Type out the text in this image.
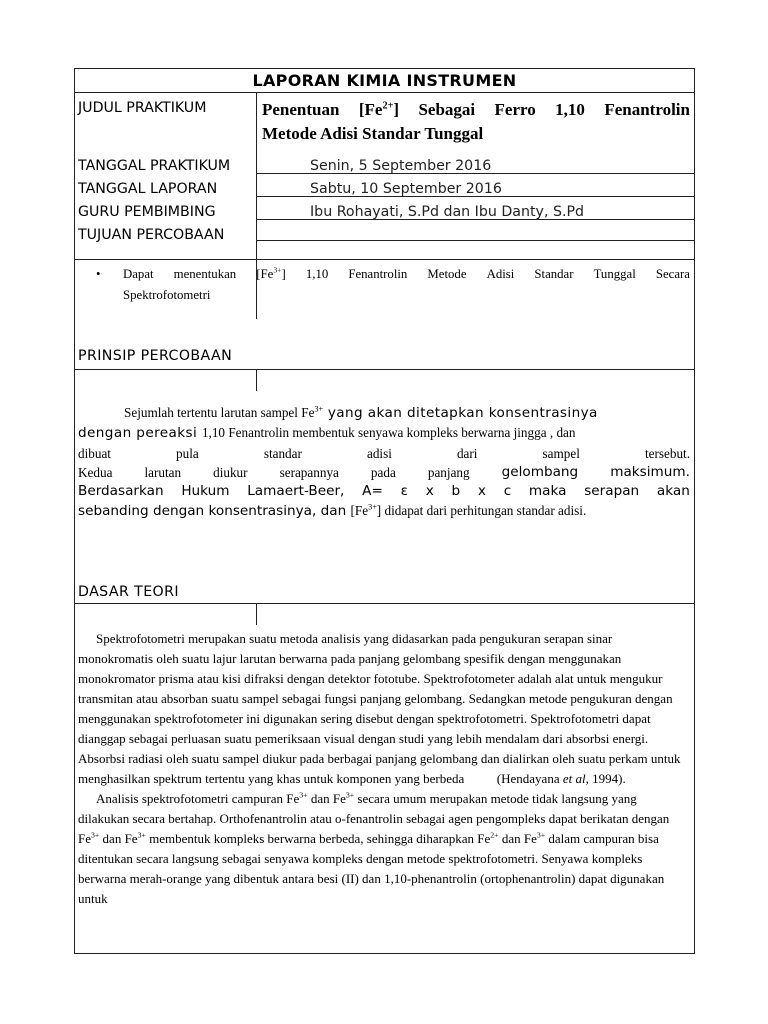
LAPORAN KIMIA INSTRUMEN
JUDUL PRAKTIKUM	Penentuan $[Fe^{2+}]$ Sebagai Ferro 1,10 Fenantrolin
Metode Adisi Standar Tunggal
TANGGAL PRAKTIKUM	Senin, 5 September 2016
TANGGAL LAPORAN	Sabtu, 10 September 2016
GURU PEMBIMBING	Ibu Rohayati, S.Pd dan Ibu Danty, S.Pd
TUJUAN PERCOBAAN
• Dapat menentukan $[Fe^{3+}]$ 1,10 Fenantrolin Metode Adisi Standar Tunggal Secara
Spektrofotometri
PRINSIP PERCOBAAN
Sejumlah tertentu larutan sampel $Fe^{3+}$ yang akan ditetapkan konsentrasinya
dengan pereaksi 1,10 Fenantrolin membentuk senyawa kompleks berwarna jingga , dan
dibuat	pula	standar	adisi	dari	sampel	tersebut.
Kedua larutan diukur serapannya pada panjang gelombang maksimum.
Berdasarkan Hukum Lamaert-Beer, A= ε x b x c maka serapan akan
sebanding dengan konsentrasinya, dan $[Fe^{3+}]$ didapat dari perhitungan standar adisi.
DASAR TEORI

Spektrofotometri merupakan suatu metoda analisis yang didasarkan pada pengukuran serapan sinar monokromatis oleh suatu lajur larutan berwarna pada panjang gelombang spesifik dengan menggunakan monokromator prisma atau kisi difraksi dengan detektor fototube. Spektrofotometer adalah alat untuk mengukur transmitan atau absorban suatu sampel sebagai fungsi panjang gelombang. Sedangkan metode pengukuran dengan menggunakan spektrofotometer ini digunakan sering disebut dengan spektrofotometri. Spektrofotometri dapat dianggap sebagai perluasan suatu pemeriksaan visual dengan studi yang lebih mendalam dari absorbsi energi. Absorbsi radiasi oleh suatu sampel diukur pada berbagai panjang gelombang dan dialirkan oleh suatu perkam untuk menghasilkan spektrum tertentu yang khas untuk komponen yang berbeda	(Hendayana et al, 1994).

Analisis spektrofotometri campuran $Fe^{3+}$ dan $Fe^{3+}$ secara umum merupakan metode tidak langsung yang dilakukan secara bertahap. Orthofenantrolin atau o-fenantrolin sebagai agen pengompleks dapat berikatan dengan $Fe^{3+}$ dan $Fe^{3+}$ membentuk kompleks berwarna berbeda, sehingga diharapkan $Fe^{2+}$ dan $Fe^{3+}$ dalam campuran bisa ditentukan secara langsung sebagai senyawa kompleks dengan metode spektrofotometri. Senyawa kompleks berwarna merah-orange yang dibentuk antara besi (II) dan 1,10-phenantrolin (ortophenantrolin) dapat digunakan untuk
